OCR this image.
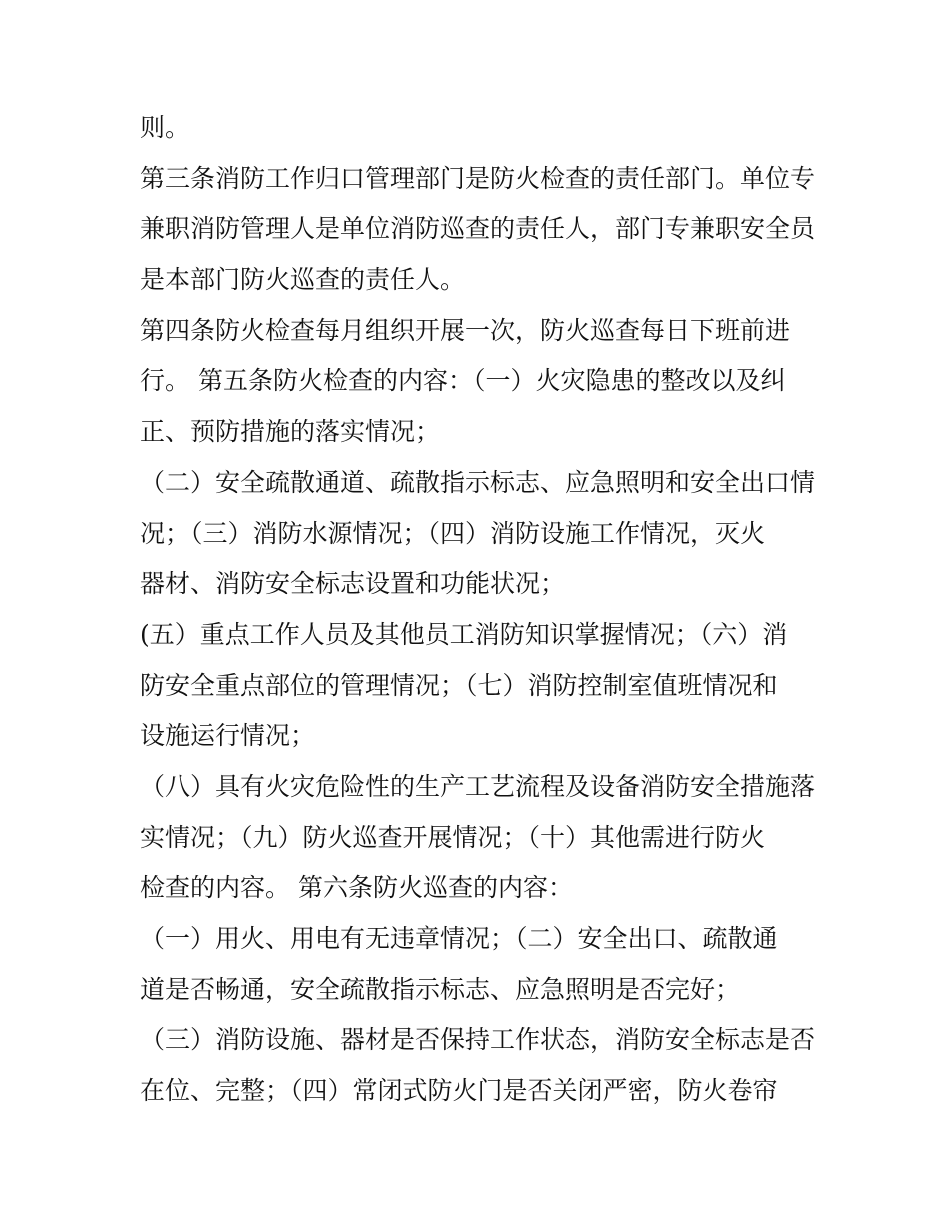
则。
第三条消防工作归口管理部门是防火检查的责任部门。单位专
兼职消防管理人是单位消防巡查的责任人，部门专兼职安全员
是本部门防火巡查的责任人。
第四条防火检查每月组织开展一次，防火巡查每日下班前进
行。 第五条防火检查的内容：（一）火灾隐患的整改以及纠
正、预防措施的落实情况；
（二）安全疏散通道、疏散指示标志、应急照明和安全出口情
况；（三）消防水源情况；（四）消防设施工作情况，灭火
器材、消防安全标志设置和功能状况；
(五）重点工作人员及其他员工消防知识掌握情况；（六）消
防安全重点部位的管理情况；（七）消防控制室值班情况和
设施运行情况；
（八）具有火灾危险性的生产工艺流程及设备消防安全措施落
实情况；（九）防火巡查开展情况；（十）其他需进行防火
检查的内容。 第六条防火巡查的内容：
（一）用火、用电有无违章情况；（二）安全出口、疏散通
道是否畅通，安全疏散指示标志、应急照明是否完好；
（三）消防设施、器材是否保持工作状态，消防安全标志是否
在位、完整；（四）常闭式防火门是否关闭严密，防火卷帘
